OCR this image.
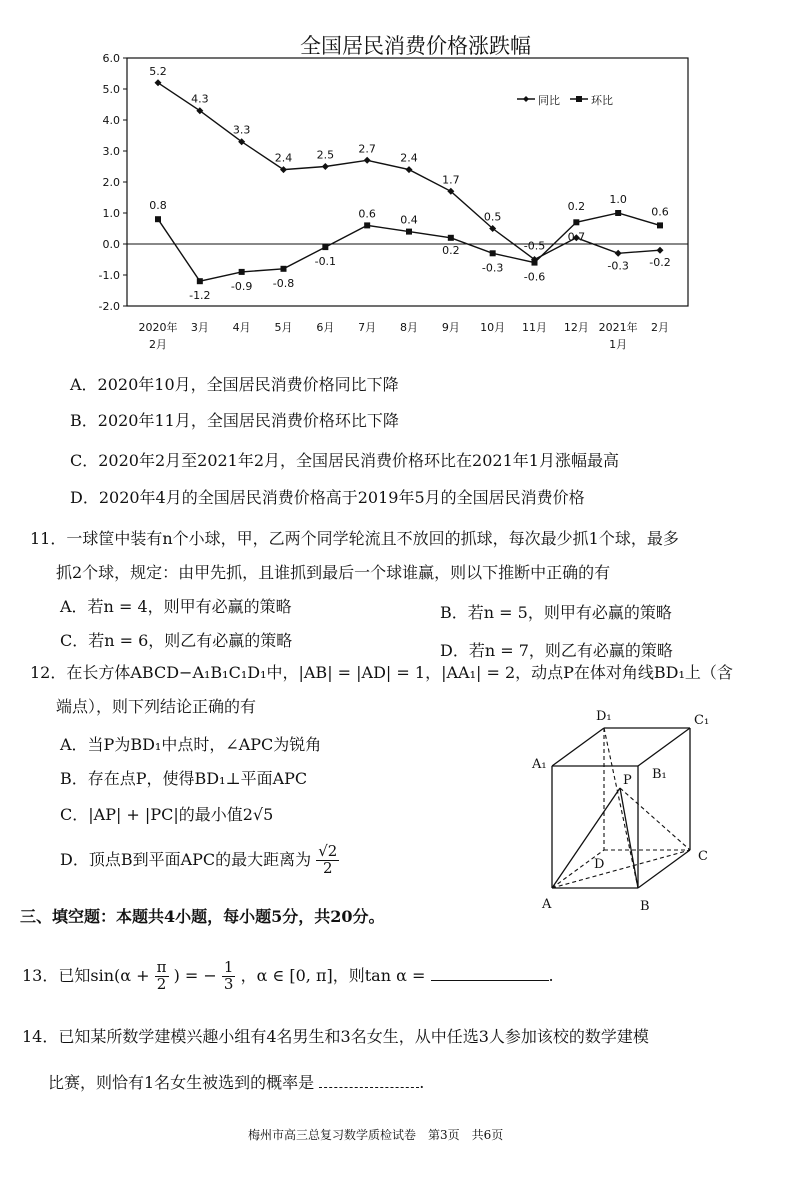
全国居民消费价格涨跌幅
6.0
5.0
4.0
3.0
2.0
1.0
0.0
-1.0
-2.0
2020年
2月
3月 4月 5月 6月 7月 8月 9月 10月 11月 12月 2021年
1月
2月
5.2
4.3
3.3
2.4 2.5 2.7
2.4
1.7
0.5
-0.5
0.2
-0.3 -0.2
0.8
-1.2
-0.9 -0.8
-0.1
0.6 0.4
0.2
-0.3
-0.6
0.7
1.0
0.6
同比	环比
A．2020年10月，全国居民消费价格同比下降
B．2020年11月，全国居民消费价格环比下降
C．2020年2月至2021年2月，全国居民消费价格环比在2021年1月涨幅最高
D．2020年4月的全国居民消费价格高于2019年5月的全国居民消费价格
11．一球筐中装有n个小球，甲，乙两个同学轮流且不放回的抓球，每次最少抓1个球，最多
抓2个球，规定：由甲先抓，且谁抓到最后一个球谁赢，则以下推断中正确的有
A．若n = 4，则甲有必赢的策略	B．若n = 5，则甲有必赢的策略
C．若n = 6，则乙有必赢的策略
D．若n = 7，则乙有必赢的策略
12．在长方体ABCD−A₁B₁C₁D₁中，|AB| = |AD| = 1，|AA₁| = 2，动点P在体对角线BD₁上（含
端点），则下列结论正确的有
A．当P为BD₁中点时，∠APC为锐角
B．存在点P，使得BD₁⊥平面APC
C．|AP| + |PC|的最小值2√5
D．顶点B到平面APC的最大距离为 $\frac{√2}{2}$
D₁	C₁
A₁
B₁
P
D
C
A	B
三、填空题：本题共4小题，每小题5分，共20分。
13．已知$\sin(\alpha + \frac{\pi}{2}$ ) = − $\frac{1}{3}$ ，α ∈ [0, π]，则tan α =	.
14．已知某所数学建模兴趣小组有4名男生和3名女生，从中任选3人参加该校的数学建模
比赛，则恰有1名女生被选到的概率是	.
梅州市高三总复习数学质检试卷　第3页　共6页
